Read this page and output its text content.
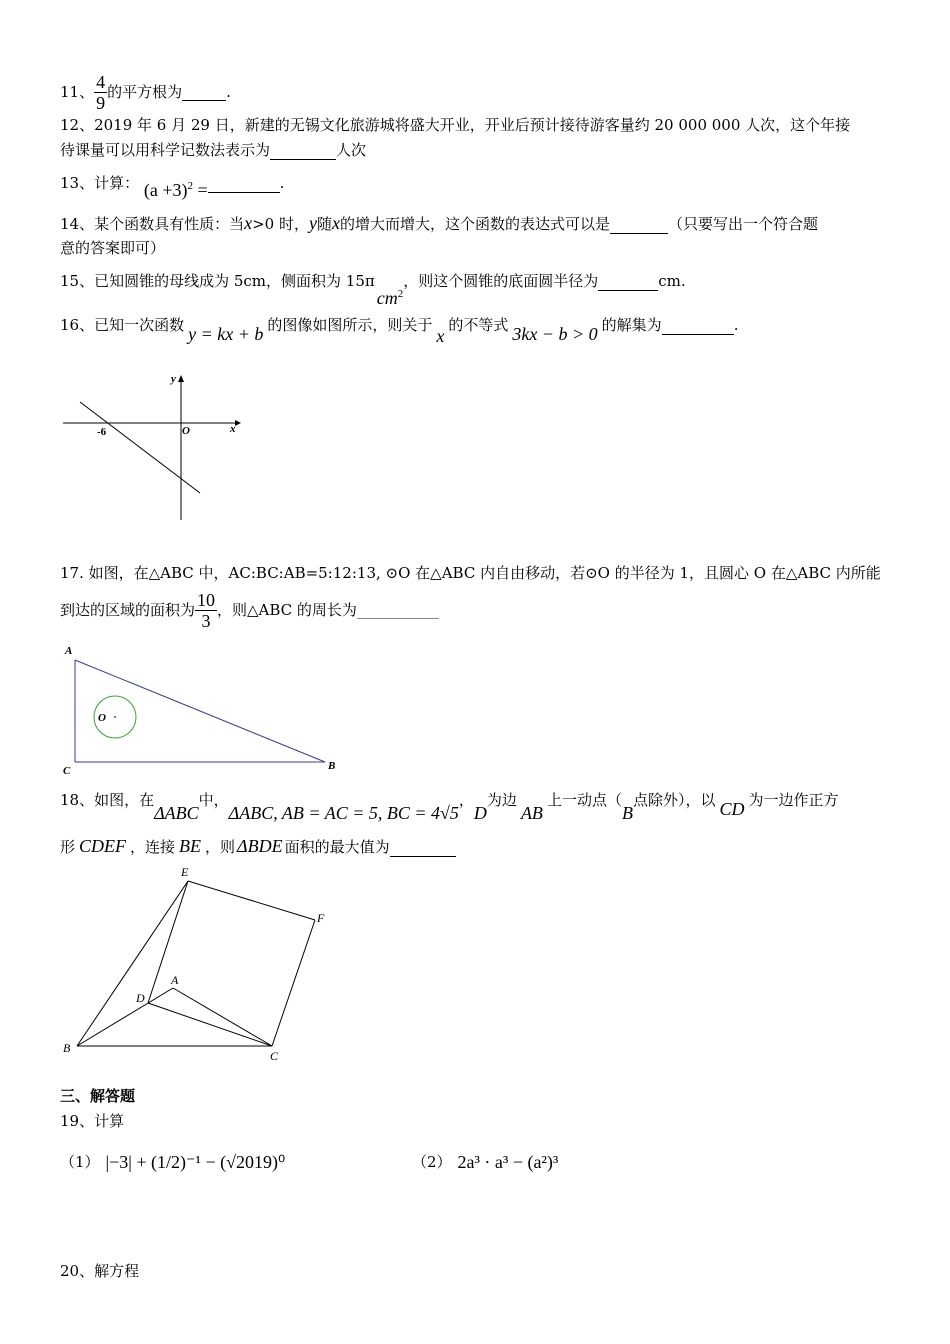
11、 $\frac{4}{9}$ 的平方根为	.
12、2019 年 6 月 29 日，新建的无锡文化旅游城将盛大开业，开业后预计接待游客量约 20 000 000 人次，这个年接
待课量可以用科学记数法表示为	人次
13、计算： $(a +3)^2$ =	.
14、某个函数具有性质：当x>0 时，y随x的增大而增大，这个函数的表达式可以是	（只要写出一个符合题
意的答案即可）
15、已知圆锥的母线成为 5cm，侧面积为 15πcm$^2$，则这个圆锥的底面圆半径为	cm.
16、已知一次函数 y = kx + b 的图像如图所示，则关于x的不等式 3kx − b > 0 的解集为	.
y
x
O
-6
17. 如图，在△ABC 中，AC:BC:AB=5:12:13, ⊙O 在△ABC 内自由移动，若⊙O 的半径为 1，且圆心 O 在△ABC 内所能
到达的区域的面积为 $\frac{10}{3}$ ，则△ABC 的周长为
A
C	B
O
18、如图，在ΔABC中，ΔABC, AB = AC = 5, BC = 4√5，D为边AB上一动点（B点除外），以 CD 为一边作正方
形 CDEF ，连接 BE ，则 ΔBDE 面积的最大值为
E
F
A
D
B
C
三、解答题
19、计算
（1） |−3| + (1/2)⁻¹ − (√2019)⁰	（2） 2a³ · a³ − (a²)³
20、解方程
